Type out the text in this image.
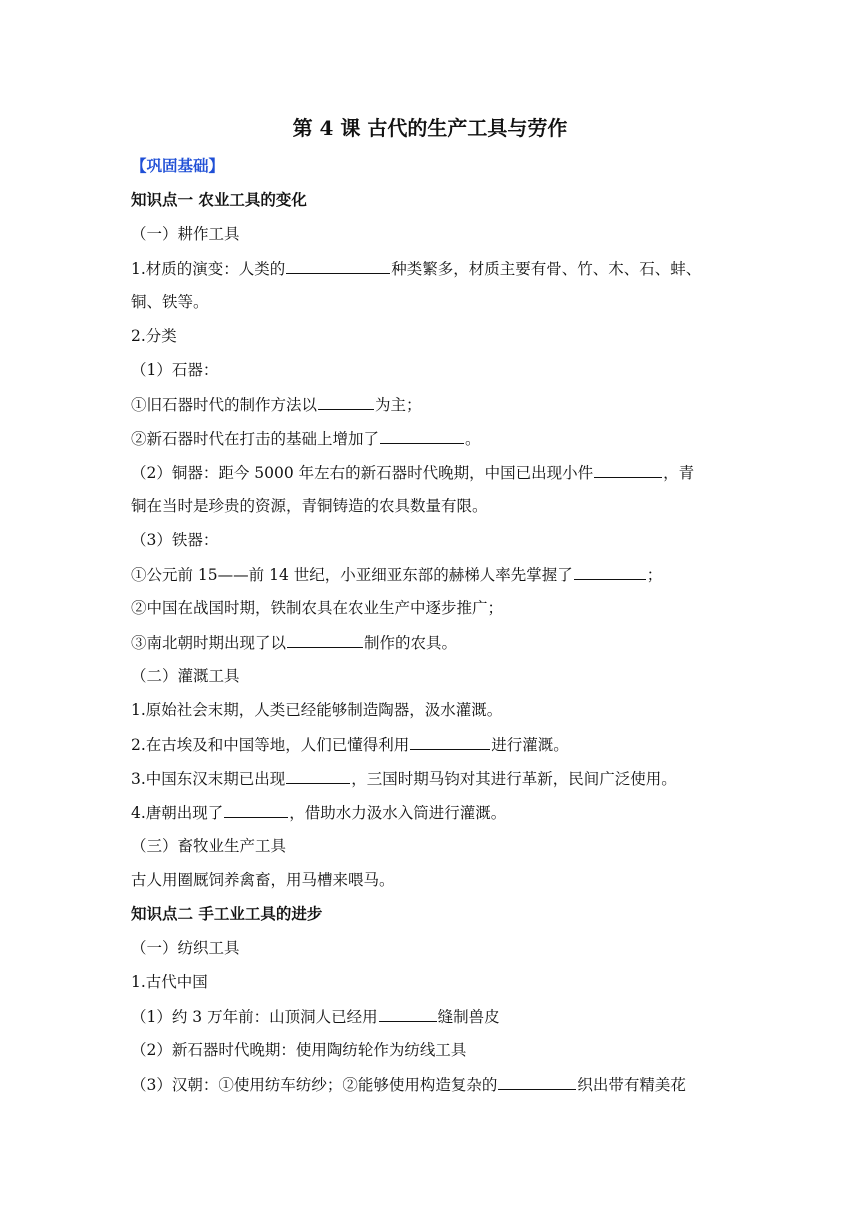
第 4 课 古代的生产工具与劳作
【巩固基础】
知识点一 农业工具的变化
（一）耕作工具
1.材质的演变：人类的	种类繁多，材质主要有骨、竹、木、石、蚌、
铜、铁等。
2.分类
（1）石器：
①旧石器时代的制作方法以	为主；
②新石器时代在打击的基础上增加了	。
（2）铜器：距今 5000 年左右的新石器时代晚期，中国已出现小件	，青
铜在当时是珍贵的资源，青铜铸造的农具数量有限。
（3）铁器：
①公元前 15——前 14 世纪，小亚细亚东部的赫梯人率先掌握了	；
②中国在战国时期，铁制农具在农业生产中逐步推广；
③南北朝时期出现了以	制作的农具。
（二）灌溉工具
1.原始社会末期，人类已经能够制造陶器，汲水灌溉。
2.在古埃及和中国等地，人们已懂得利用	进行灌溉。
3.中国东汉末期已出现	，三国时期马钧对其进行革新，民间广泛使用。
4.唐朝出现了	，借助水力汲水入筒进行灌溉。
（三）畜牧业生产工具
古人用圈厩饲养禽畜，用马槽来喂马。
知识点二 手工业工具的进步
（一）纺织工具
1.古代中国
（1）约 3 万年前：山顶洞人已经用	缝制兽皮
（2）新石器时代晚期：使用陶纺轮作为纺线工具
（3）汉朝：①使用纺车纺纱；②能够使用构造复杂的	织出带有精美花
